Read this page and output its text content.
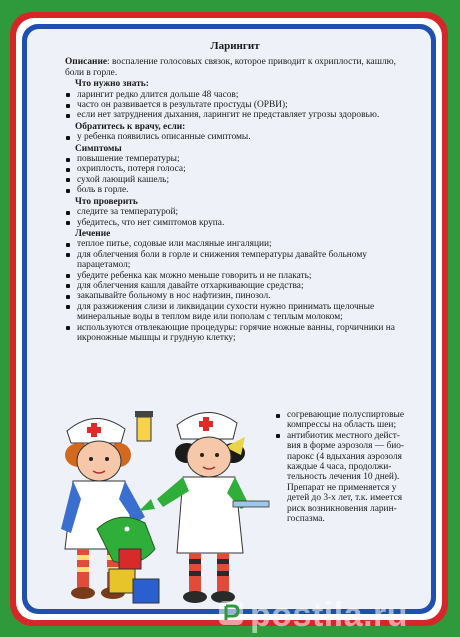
Ларингит

Описание: воспаление голосовых связок, которое приводит к охриплости, кашлю, боли в горле.

Что нужно знать:
ларингит редко длится дольше 48 часов;
часто он развивается в результате простуды (ОРВИ);
если нет затруднения дыхания, ларингит не представляет угрозы здоровью.
Обратитесь к врачу, если:
у ребенка появились описанные симптомы.
Симптомы
повышение температуры;
охриплость, потеря голоса;
сухой лающий кашель;
боль в горле.
Что проверить
следите за температурой;
убедитесь, что нет симптомов крупа.
Лечение
теплое питье, содовые или масляные ингаляции;
для облегчения боли в горле и снижения температуры давайте больному парацетамол;
убедите ребенка как можно меньше говорить и не плакать;
для облегчения кашля давайте отхаркивающие средства;
закапывайте больному в нос нафтизин, пинозол.
для разжижения слизи и ликвидации сухости нужно принимать щелочные минеральные воды в теплом виде или пополам с теплым молоком;
используются отвлекающие процедуры: горячие ножные ванны, горчичники на икроножные мышцы и грудную клетку;
согревающие полуспиртовые компрессы на область шеи;
антибиотик местного действия в форме аэрозоля — биопарокс (4 вдыхания аэрозоля каждые 4 часа, продолжительность лечения 10 дней). Препарат не применяется у детей до 3-х лет, т.к. имеется риск возникновения ларингоспазма.
postila.ru
